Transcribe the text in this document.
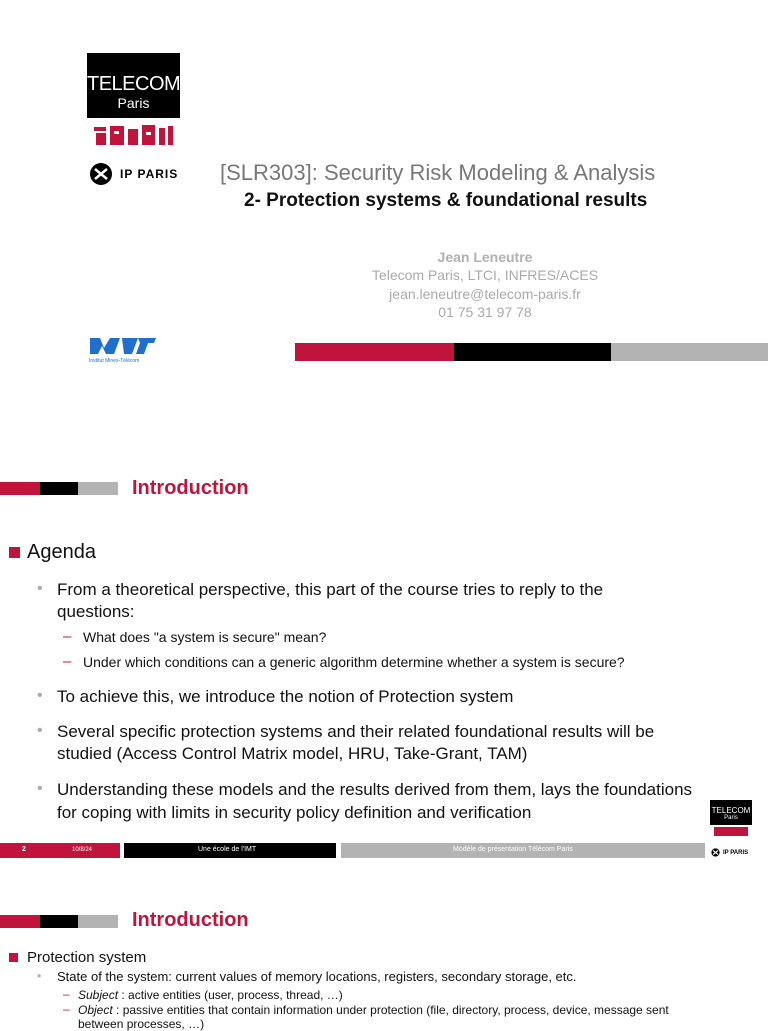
TELECOM
Paris
IP PARIS [SLR303]: Security Risk Modeling & Analysis
2- Protection systems & foundational results
Jean Leneutre
Telecom Paris, LTCI, INFRES/ACES
jean.leneutre@telecom-paris.fr
01 75 31 97 78
Institut Mines-Télécom
Introduction
Agenda
• From a theoretical perspective, this part of the course tries to reply to the
questions:
– What does "a system is secure" mean?
– Under which conditions can a generic algorithm determine whether a system is secure?
• To achieve this, we introduce the notion of Protection system
• Several specific protection systems and their related foundational results will be
studied (Access Control Matrix model, HRU, Take-Grant, TAM)
• Understanding these models and the results derived from them, lays the foundations
for coping with limits in security policy definition and verification	TELECOM
Paris
IP PARIS
2	10/8/24	Une école de l'IMT	Modèle de présentation Télécom Paris
Introduction
Protection system
• State of the system: current values of memory locations, registers, secondary storage, etc.
– Subject : active entities (user, process, thread, …)
– Object : passive entities that contain information under protection (file, directory, process, device, message sent
between processes, …)
